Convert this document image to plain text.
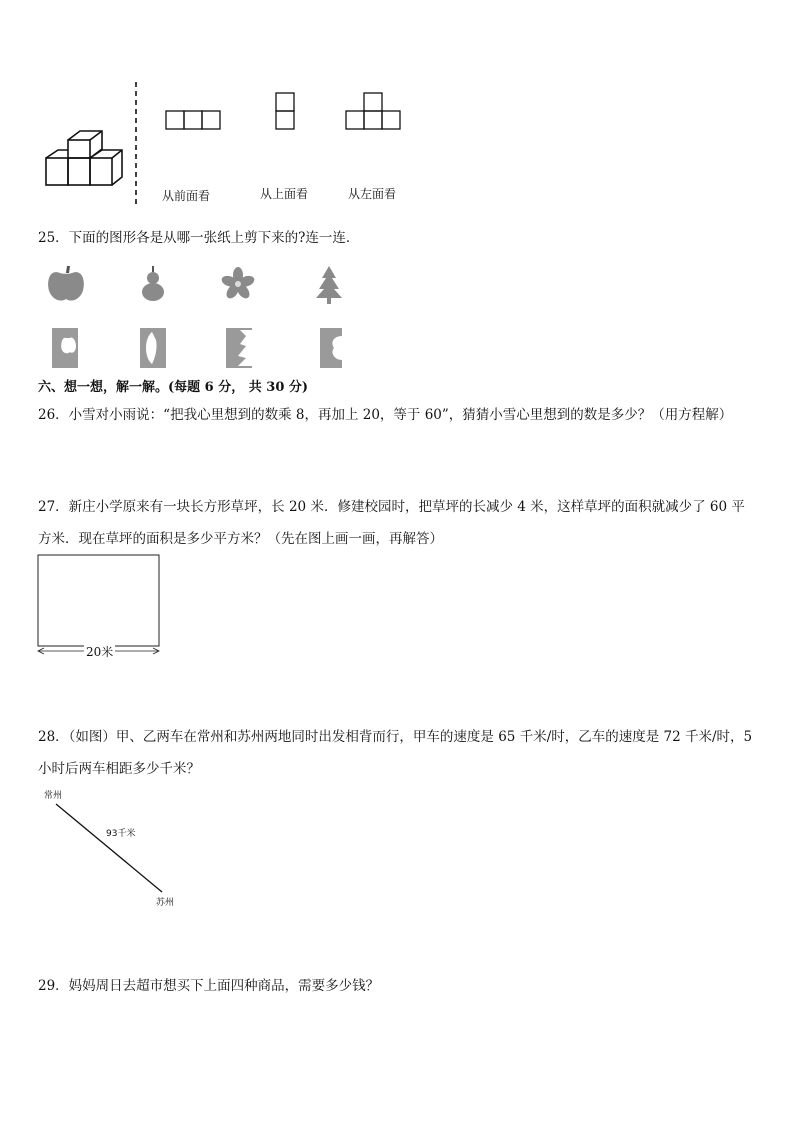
从前面看	从上面看	从左面看
25．下面的图形各是从哪一张纸上剪下来的?连一连．
六、想一想，解一解。(每题 6 分， 共 30 分)
26．小雪对小雨说：“把我心里想到的数乘 8，再加上 20，等于 60”，猜猜小雪心里想到的数是多少？（用方程解）
27．新庄小学原来有一块长方形草坪，长 20 米．修建校园时，把草坪的长减少 4 米，这样草坪的面积就减少了 60 平
方米．现在草坪的面积是多少平方米？（先在图上画一画，再解答）
20米
28．（如图）甲、乙两车在常州和苏州两地同时出发相背而行，甲车的速度是 65 千米/时，乙车的速度是 72 千米/时，5
小时后两车相距多少千米？
常州
93千米
苏州
29．妈妈周日去超市想买下上面四种商品，需要多少钱？
